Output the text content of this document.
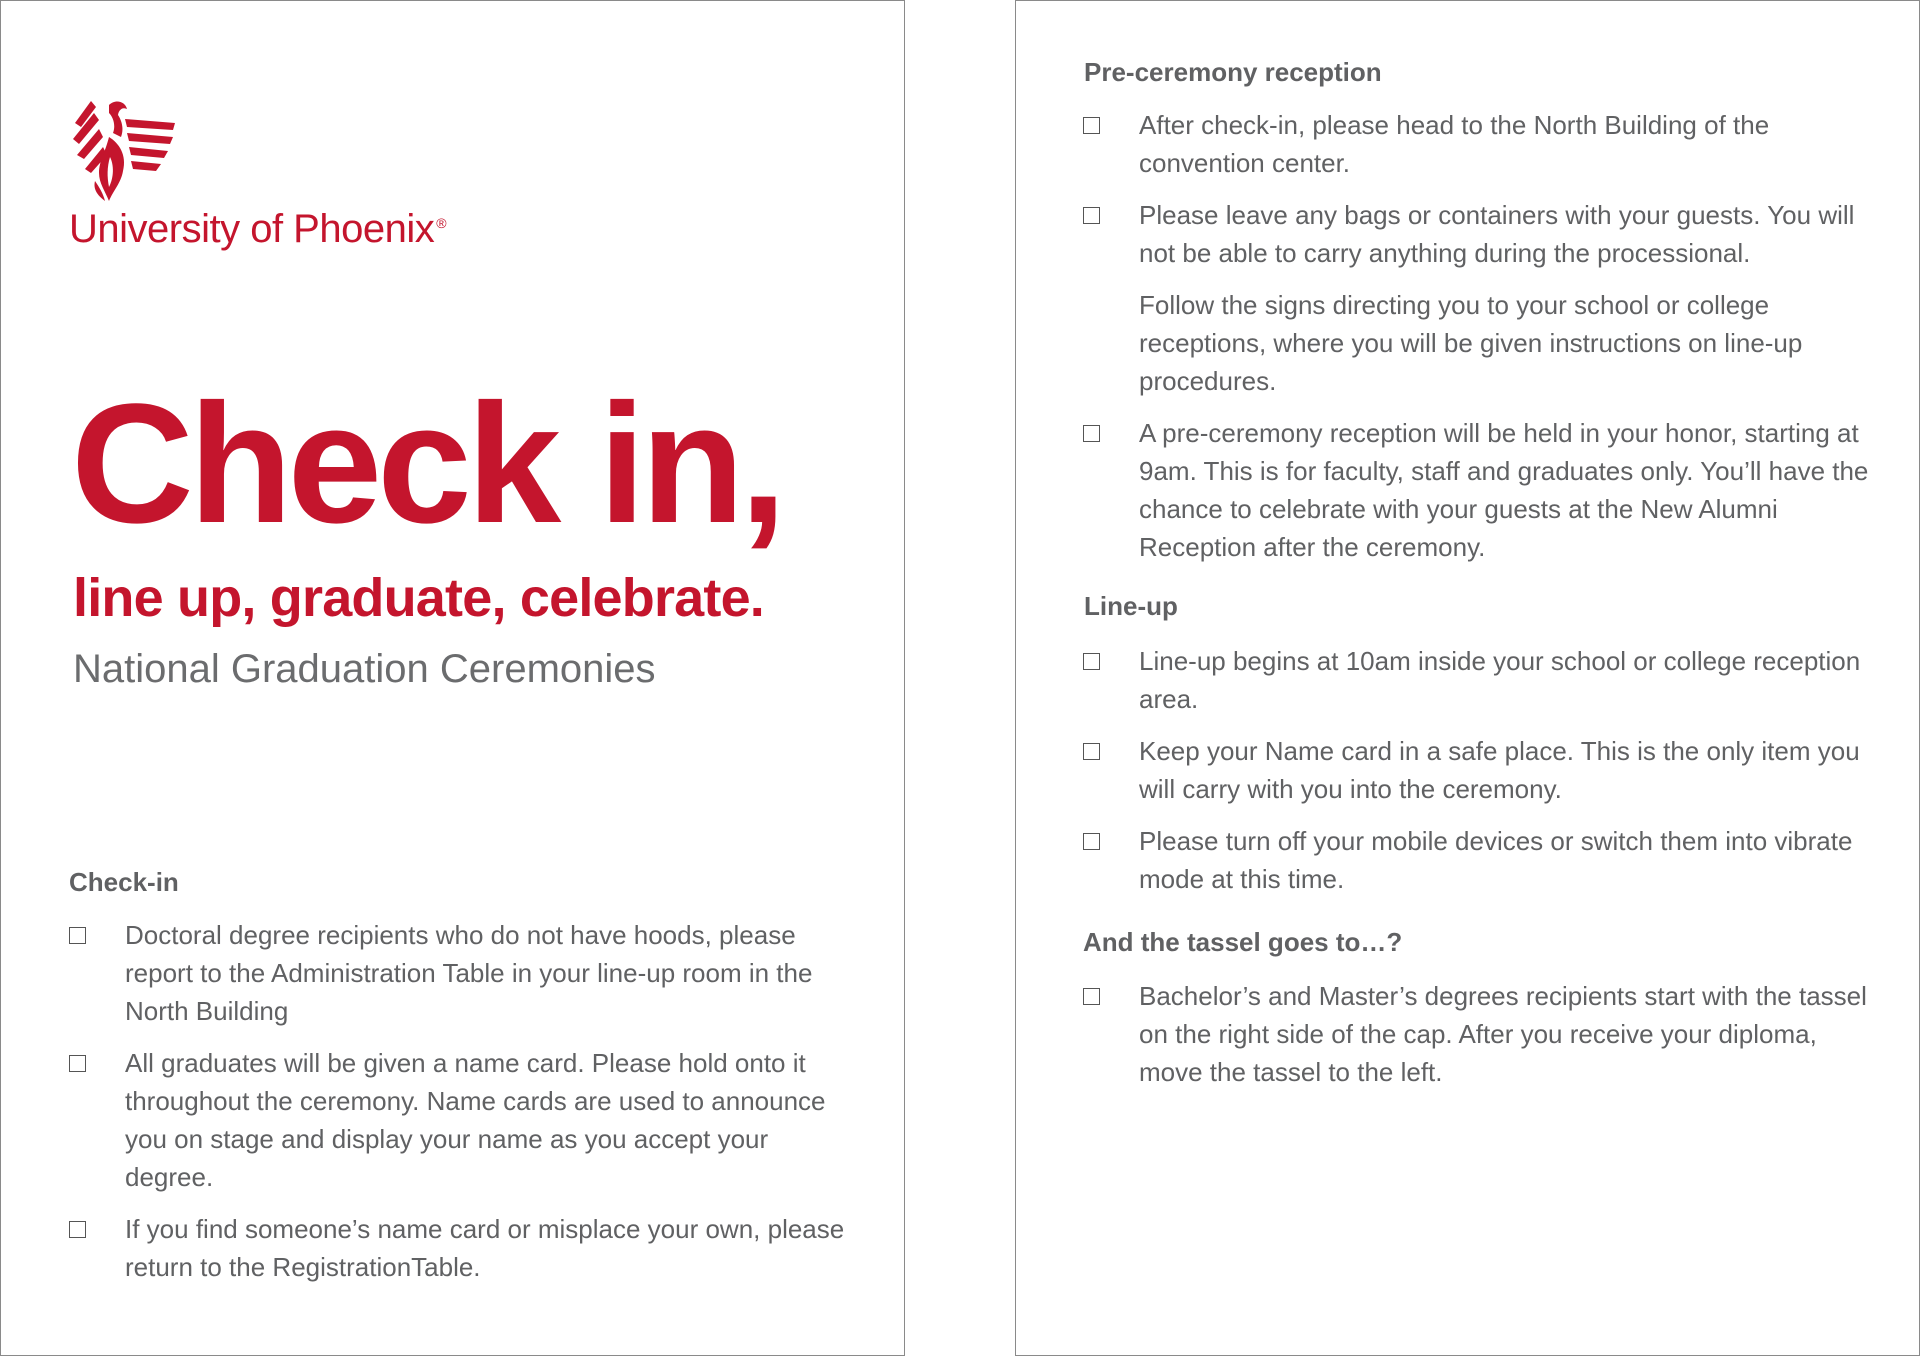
University of Phoenix ®
Check in,
line up, graduate, celebrate.
National Graduation Ceremonies
Check-in
Doctoral degree recipients who do not have hoods, please report to the Administration Table in your line-up room in the North Building
All graduates will be given a name card. Please hold onto it throughout the ceremony. Name cards are used to announce you on stage and display your name as you accept your degree.
If you find someone’s name card or misplace your own, please return to the RegistrationTable.
Pre-ceremony reception
After check-in, please head to the North Building of the convention center.
Please leave any bags or containers with your guests. You will not be able to carry anything during the processional.
Follow the signs directing you to your school or college receptions, where you will be given instructions on line-up procedures.
A pre-ceremony reception will be held in your honor, starting at 9am. This is for faculty, staff and graduates only. You’ll have the chance to celebrate with your guests at the New Alumni Reception after the ceremony.
Line-up
Line-up begins at 10am inside your school or college reception area.
Keep your Name card in a safe place. This is the only item you will carry with you into the ceremony.
Please turn off your mobile devices or switch them into vibrate mode at this time.
And the tassel goes to…?
Bachelor’s and Master’s degrees recipients start with the tassel on the right side of the cap. After you receive your diploma, move the tassel to the left.
